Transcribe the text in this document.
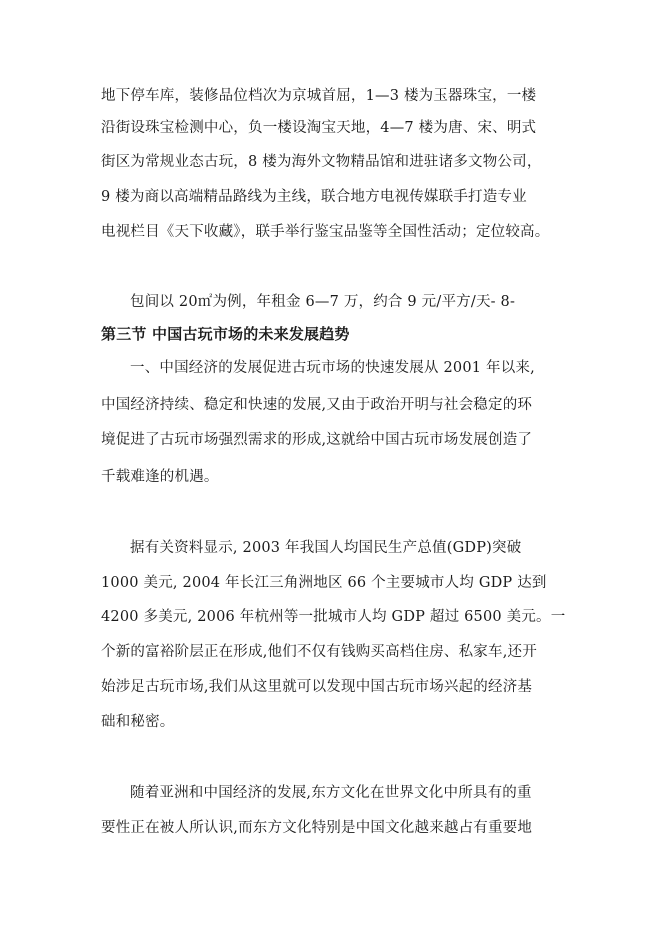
地下停车库，装修品位档次为京城首屈，1—3 楼为玉器珠宝，一楼
沿街设珠宝检测中心，负一楼设淘宝天地，4—7 楼为唐、宋、明式
街区为常规业态古玩，8 楼为海外文物精品馆和进驻诸多文物公司，
9 楼为商以高端精品路线为主线，联合地方电视传媒联手打造专业
电视栏目《天下收藏》，联手举行鉴宝品鉴等全国性活动；定位较高。
包间以 20㎡为例，年租金 6—7 万，约合 9 元/平方/天- 8-
第三节 中国古玩市场的未来发展趋势
一、中国经济的发展促进古玩市场的快速发展从 2001 年以来,
中国经济持续、稳定和快速的发展,又由于政治开明与社会稳定的环
境促进了古玩市场强烈需求的形成,这就给中国古玩市场发展创造了
千载难逢的机遇。
据有关资料显示, 2003 年我国人均国民生产总值(GDP)突破
1000 美元, 2004 年长江三角洲地区 66 个主要城市人均 GDP 达到
4200 多美元, 2006 年杭州等一批城市人均 GDP 超过 6500 美元。一
个新的富裕阶层正在形成,他们不仅有钱购买高档住房、私家车,还开
始涉足古玩市场,我们从这里就可以发现中国古玩市场兴起的经济基
础和秘密。
随着亚洲和中国经济的发展,东方文化在世界文化中所具有的重
要性正在被人所认识,而东方文化特别是中国文化越来越占有重要地
